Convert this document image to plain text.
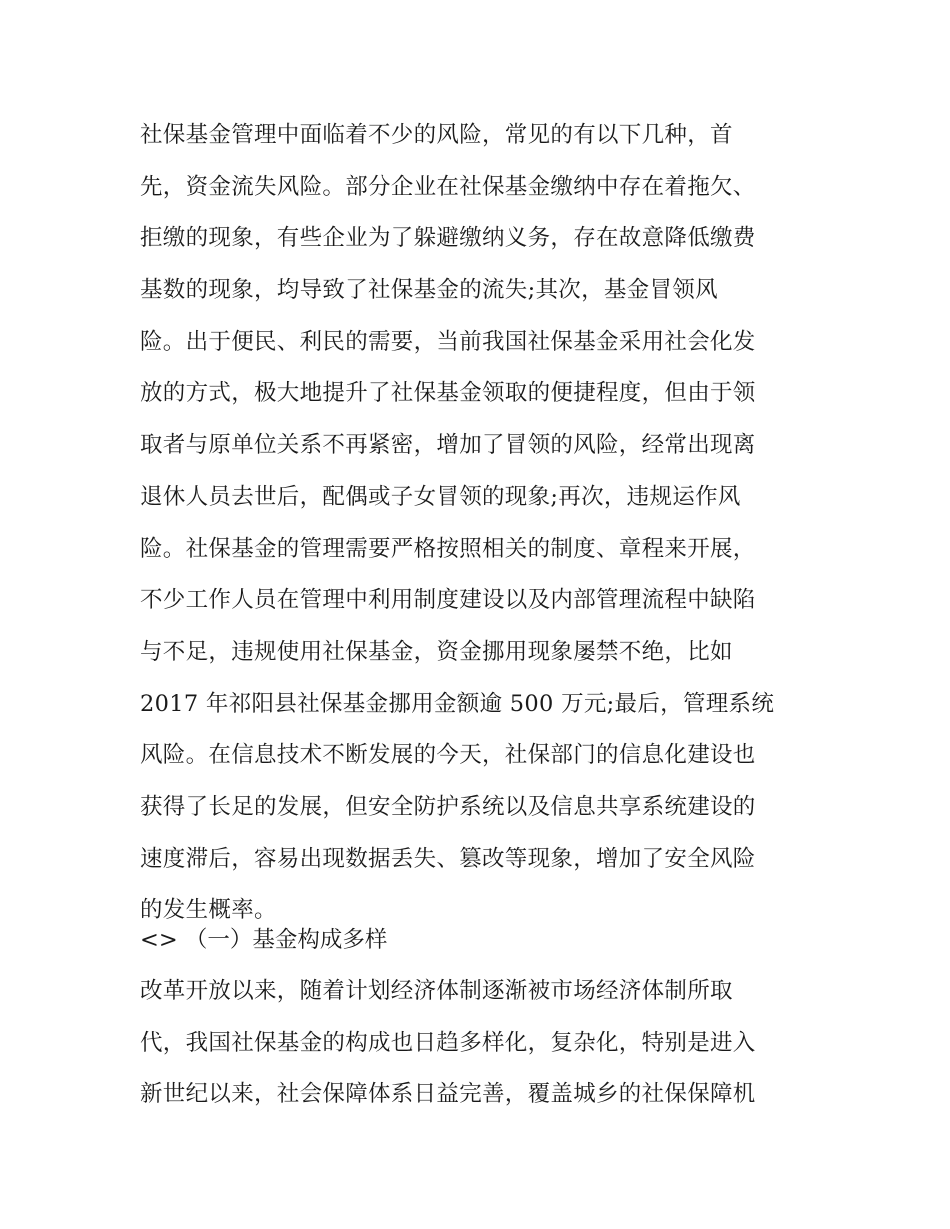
社保基金管理中面临着不少的风险，常见的有以下几种，首
先，资金流失风险。部分企业在社保基金缴纳中存在着拖欠、
拒缴的现象，有些企业为了躲避缴纳义务，存在故意降低缴费
基数的现象，均导致了社保基金的流失;其次，基金冒领风
险。出于便民、利民的需要，当前我国社保基金采用社会化发
放的方式，极大地提升了社保基金领取的便捷程度，但由于领
取者与原单位关系不再紧密，增加了冒领的风险，经常出现离
退休人员去世后，配偶或子女冒领的现象;再次，违规运作风
险。社保基金的管理需要严格按照相关的制度、章程来开展，
不少工作人员在管理中利用制度建设以及内部管理流程中缺陷
与不足，违规使用社保基金，资金挪用现象屡禁不绝，比如
2017 年祁阳县社保基金挪用金额逾 500 万元;最后，管理系统
风险。在信息技术不断发展的今天，社保部门的信息化建设也
获得了长足的发展，但安全防护系统以及信息共享系统建设的
速度滞后，容易出现数据丢失、篡改等现象，增加了安全风险
的发生概率。
<> （一）基金构成多样
改革开放以来，随着计划经济体制逐渐被市场经济体制所取
代，我国社保基金的构成也日趋多样化，复杂化，特别是进入
新世纪以来，社会保障体系日益完善，覆盖城乡的社保保障机
